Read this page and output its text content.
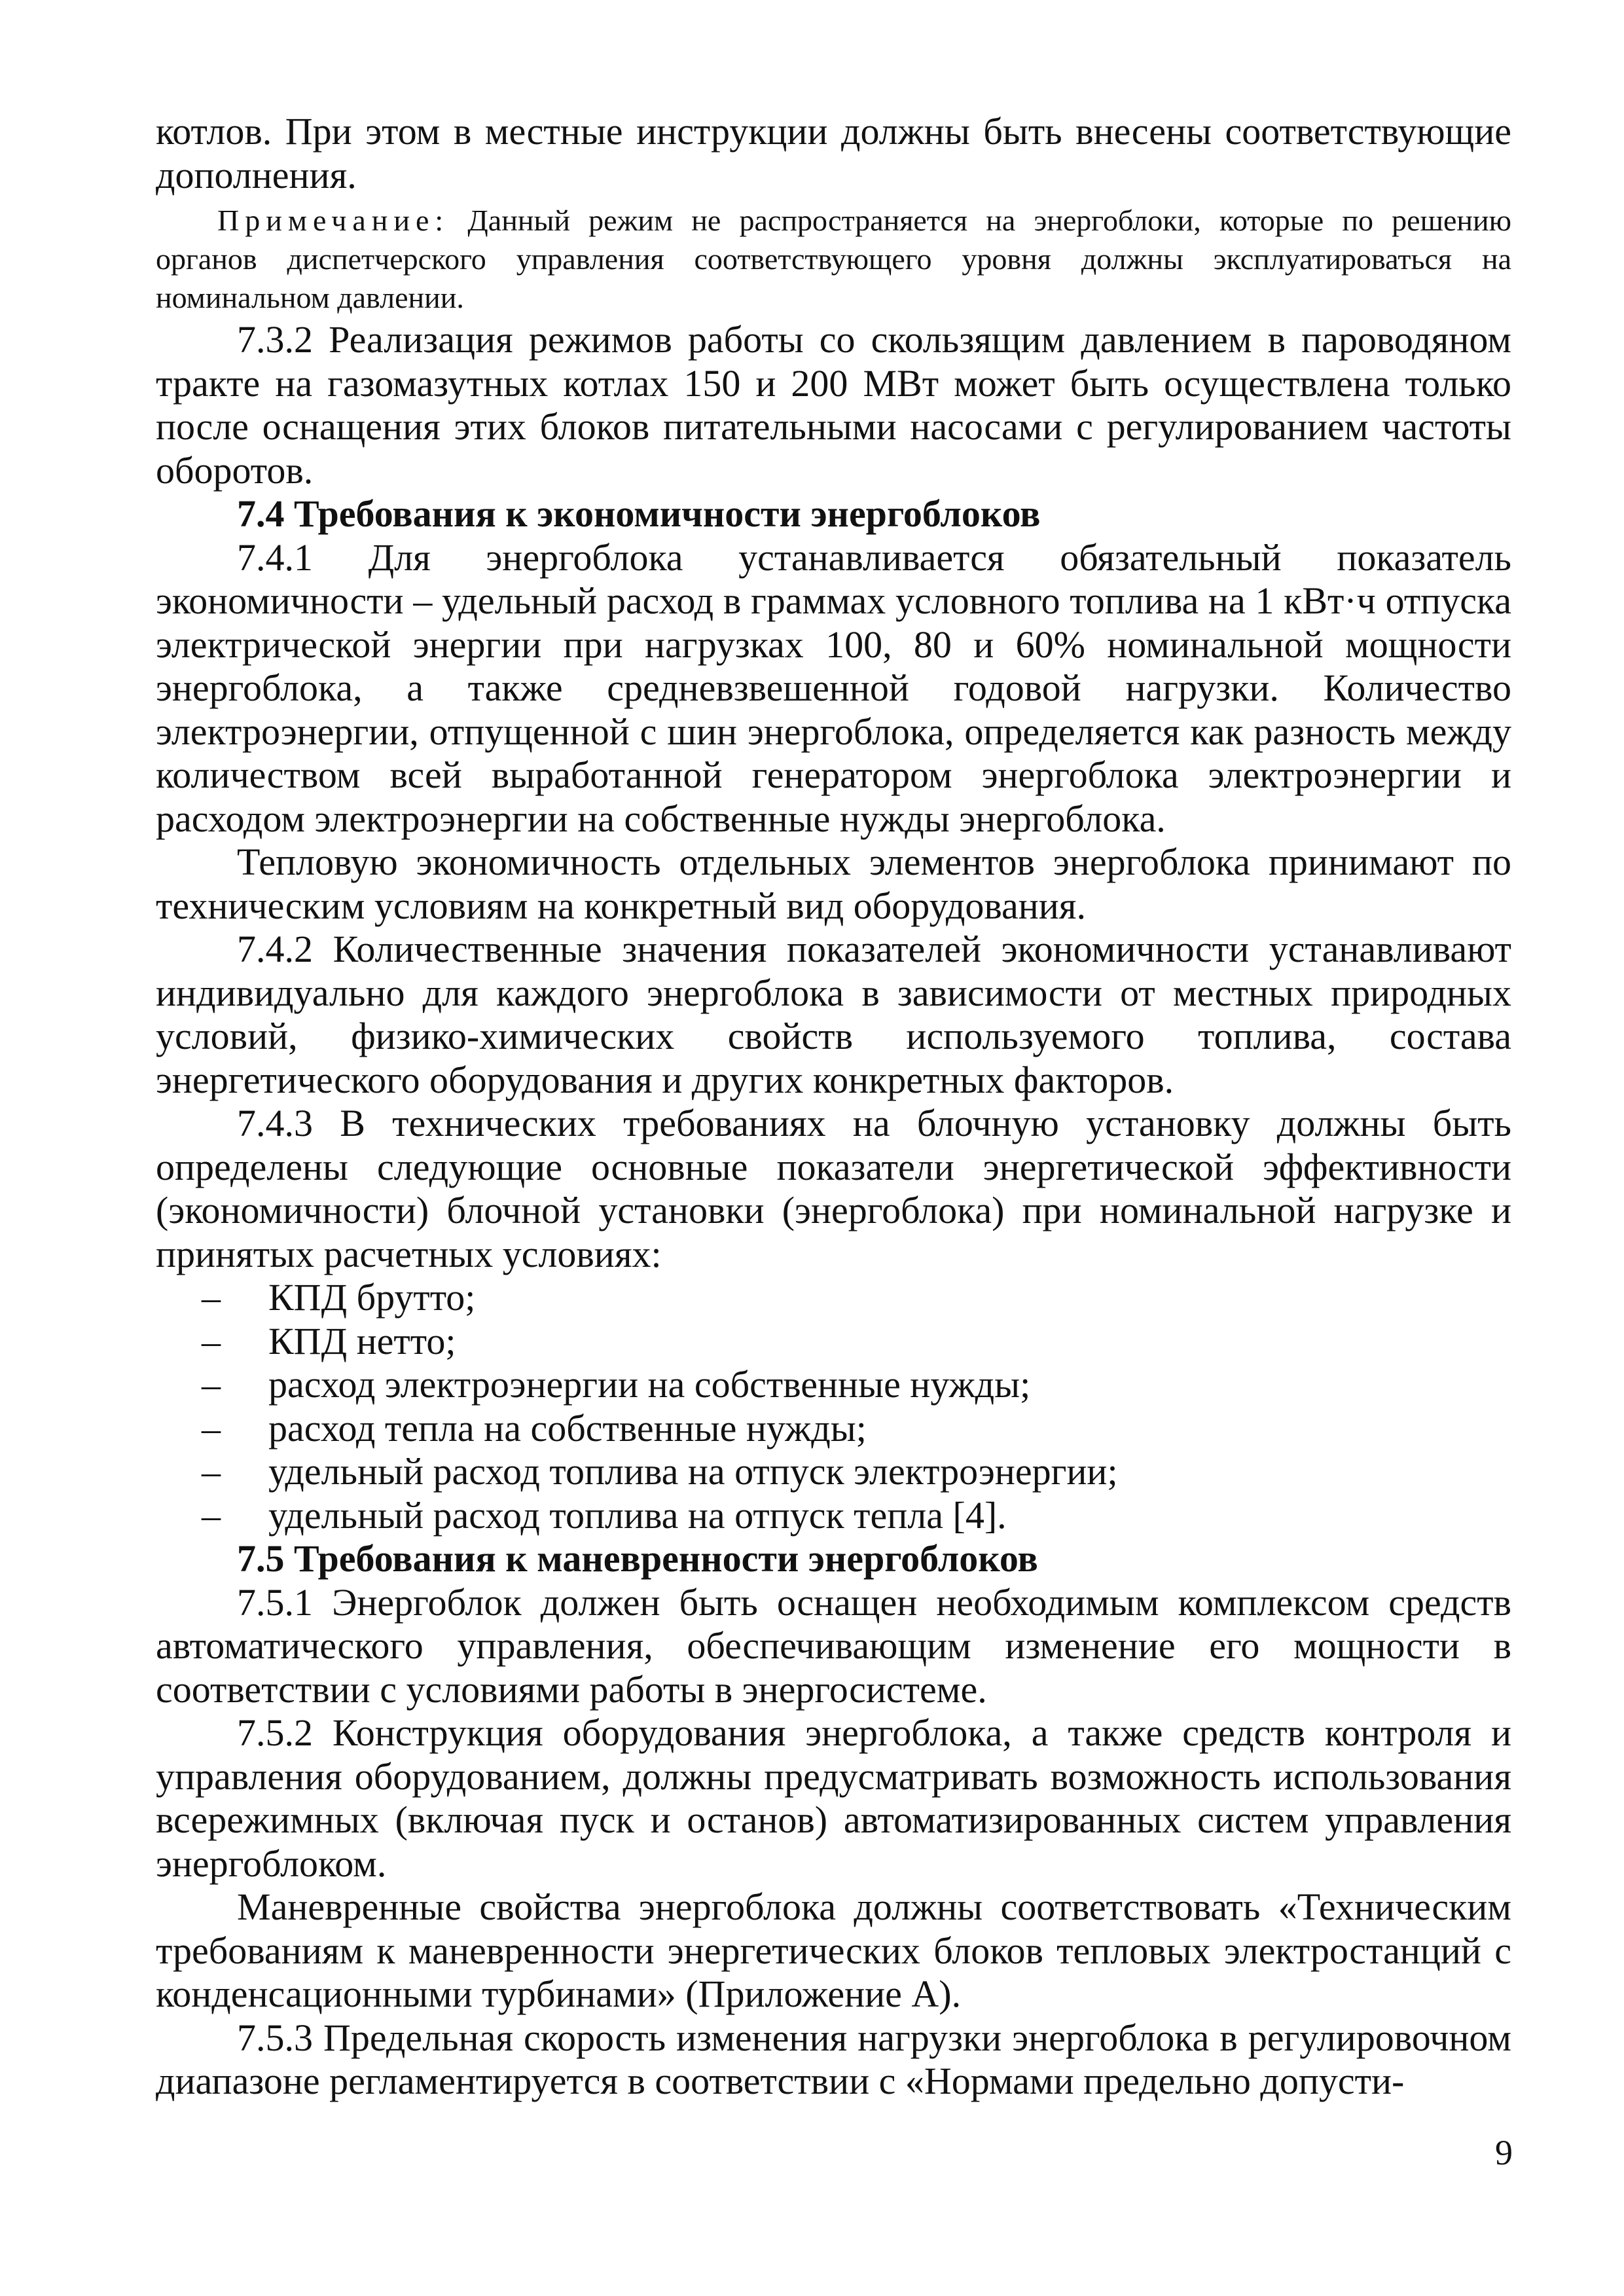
котлов. При этом в местные инструкции должны быть внесены соответствующие дополнения.

Примечание: Данный режим не распространяется на энергоблоки, которые по решению органов диспетчерского управления соответствующего уровня должны эксплуатироваться на номинальном давлении.

7.3.2 Реализация режимов работы со скользящим давлением в пароводяном тракте на газомазутных котлах 150 и 200 МВт может быть осуществлена только после оснащения этих блоков питательными насосами с регулированием частоты оборотов.

7.4 Требования к экономичности энергоблоков

7.4.1 Для энергоблока устанавливается обязательный показатель экономичности – удельный расход в граммах условного топлива на 1 кВт·ч отпуска электрической энергии при нагрузках 100, 80 и 60% номинальной мощности энергоблока, а также средневзвешенной годовой нагрузки. Количество электроэнергии, отпущенной с шин энергоблока, определяется как разность между количеством всей выработанной генератором энергоблока электроэнергии и расходом электроэнергии на собственные нужды энергоблока.

Тепловую экономичность отдельных элементов энергоблока принимают по техническим условиям на конкретный вид оборудования.

7.4.2 Количественные значения показателей экономичности устанавливают индивидуально для каждого энергоблока в зависимости от местных природных условий, физико-химических свойств используемого топлива, состава энергетического оборудования и других конкретных факторов.

7.4.3 В технических требованиях на блочную установку должны быть определены следующие основные показатели энергетической эффективности (экономичности) блочной установки (энергоблока) при номинальной нагрузке и принятых расчетных условиях:

– КПД брутто;
– КПД нетто;
– расход электроэнергии на собственные нужды;
– расход тепла на собственные нужды;
– удельный расход топлива на отпуск электроэнергии;
– удельный расход топлива на отпуск тепла [4].

7.5 Требования к маневренности энергоблоков

7.5.1 Энергоблок должен быть оснащен необходимым комплексом средств автоматического управления, обеспечивающим изменение его мощности в соответствии с условиями работы в энергосистеме.

7.5.2 Конструкция оборудования энергоблока, а также средств контроля и управления оборудованием, должны предусматривать возможность использования всережимных (включая пуск и останов) автоматизированных систем управления энергоблоком.

Маневренные свойства энергоблока должны соответствовать «Техническим требованиям к маневренности энергетических блоков тепловых электростанций с конденсационными турбинами» (Приложение А).

7.5.3 Предельная скорость изменения нагрузки энергоблока в регулировочном диапазоне регламентируется в соответствии с «Нормами предельно допусти-

9
